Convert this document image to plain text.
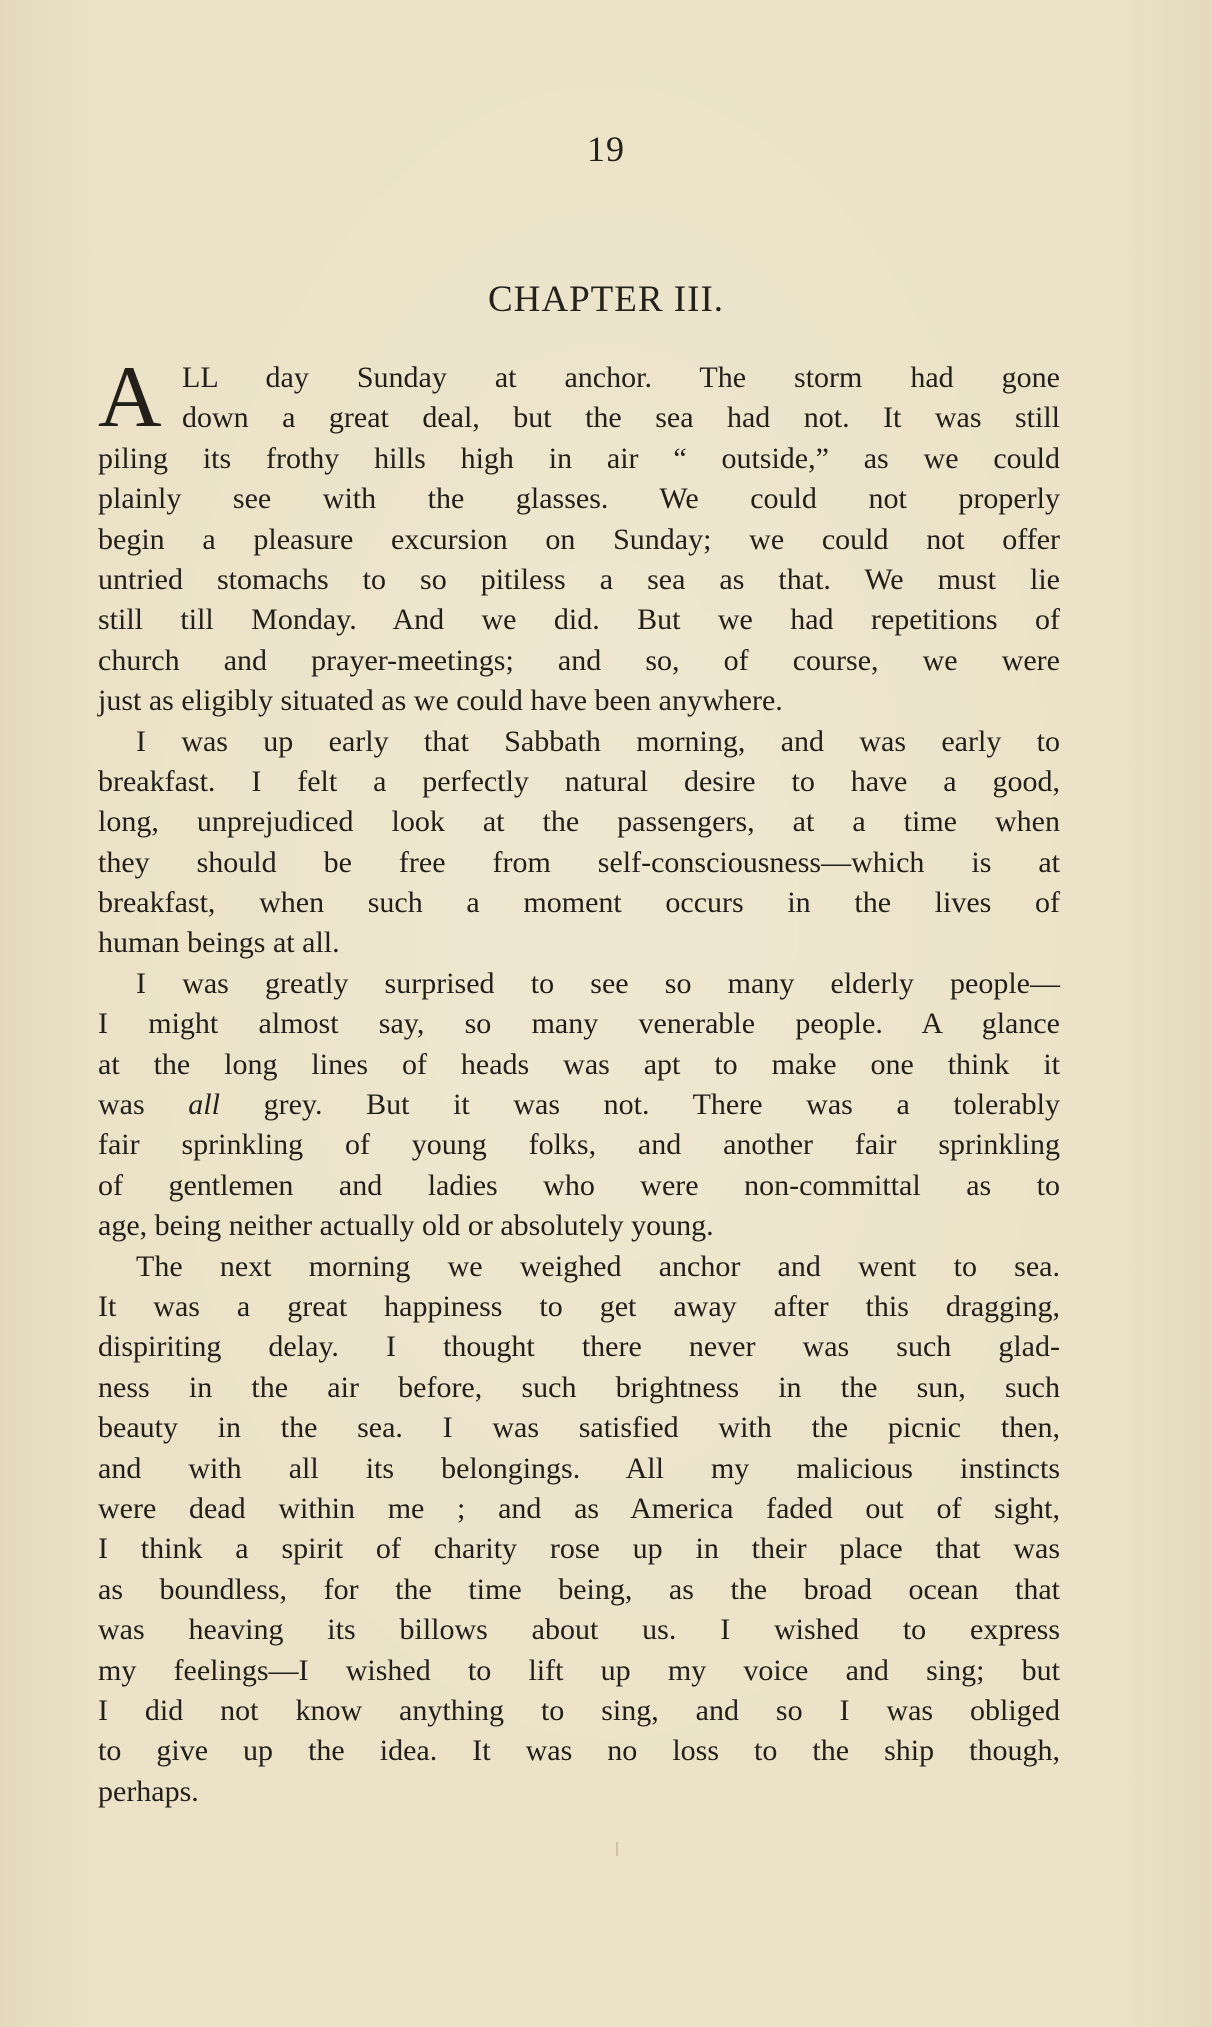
19
CHAPTER III.
A LL day Sunday at anchor. The storm had gone
down a great deal, but the sea had not. It was still
piling its frothy hills high in air “ outside,” as we could
plainly see with the glasses. We could not properly
begin a pleasure excursion on Sunday; we could not offer
untried stomachs to so pitiless a sea as that. We must lie
still till Monday. And we did. But we had repetitions of
church and prayer-meetings; and so, of course, we were
just as eligibly situated as we could have been anywhere.
I was up early that Sabbath morning, and was early to
breakfast. I felt a perfectly natural desire to have a good,
long, unprejudiced look at the passengers, at a time when
they should be free from self-consciousness—which is at
breakfast, when such a moment occurs in the lives of
human beings at all.
I was greatly surprised to see so many elderly people—
I might almost say, so many venerable people. A glance
at the long lines of heads was apt to make one think it
was all grey. But it was not. There was a tolerably
fair sprinkling of young folks, and another fair sprinkling
of gentlemen and ladies who were non-committal as to
age, being neither actually old or absolutely young.
The next morning we weighed anchor and went to sea.
It was a great happiness to get away after this dragging,
dispiriting delay. I thought there never was such glad-
ness in the air before, such brightness in the sun, such
beauty in the sea. I was satisfied with the picnic then,
and with all its belongings. All my malicious instincts
were dead within me ; and as America faded out of sight,
I think a spirit of charity rose up in their place that was
as boundless, for the time being, as the broad ocean that
was heaving its billows about us. I wished to express
my feelings—I wished to lift up my voice and sing; but
I did not know anything to sing, and so I was obliged
to give up the idea. It was no loss to the ship though,
perhaps.
